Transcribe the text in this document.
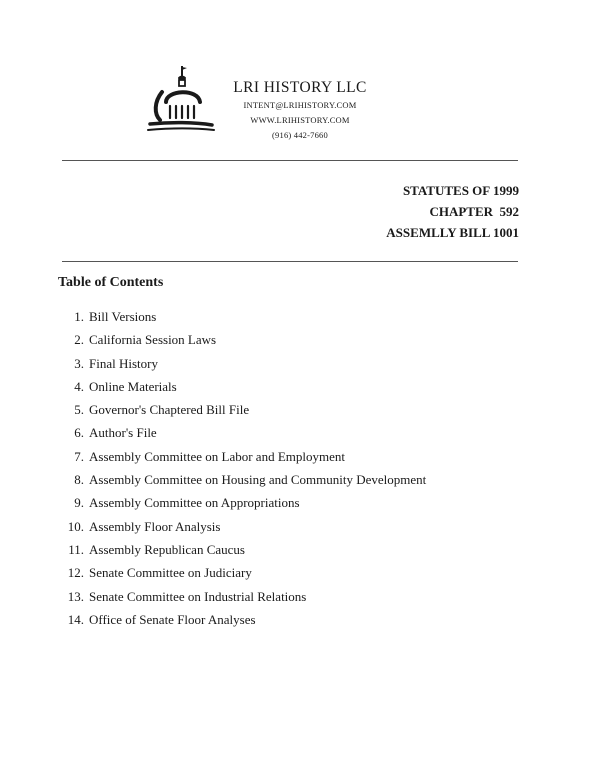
LRI HISTORY LLC
INTENT@LRIHISTORY.COM
WWW.LRIHISTORY.COM
(916) 442-7660
STATUTES OF 1999
CHAPTER  592
ASSEMLLY BILL 1001
Table of Contents
1. Bill Versions
2. California Session Laws
3. Final History
4. Online Materials
5. Governor's Chaptered Bill File
6. Author's File
7. Assembly Committee on Labor and Employment
8. Assembly Committee on Housing and Community Development
9. Assembly Committee on Appropriations
10. Assembly Floor Analysis
11. Assembly Republican Caucus
12. Senate Committee on Judiciary
13. Senate Committee on Industrial Relations
14. Office of Senate Floor Analyses
